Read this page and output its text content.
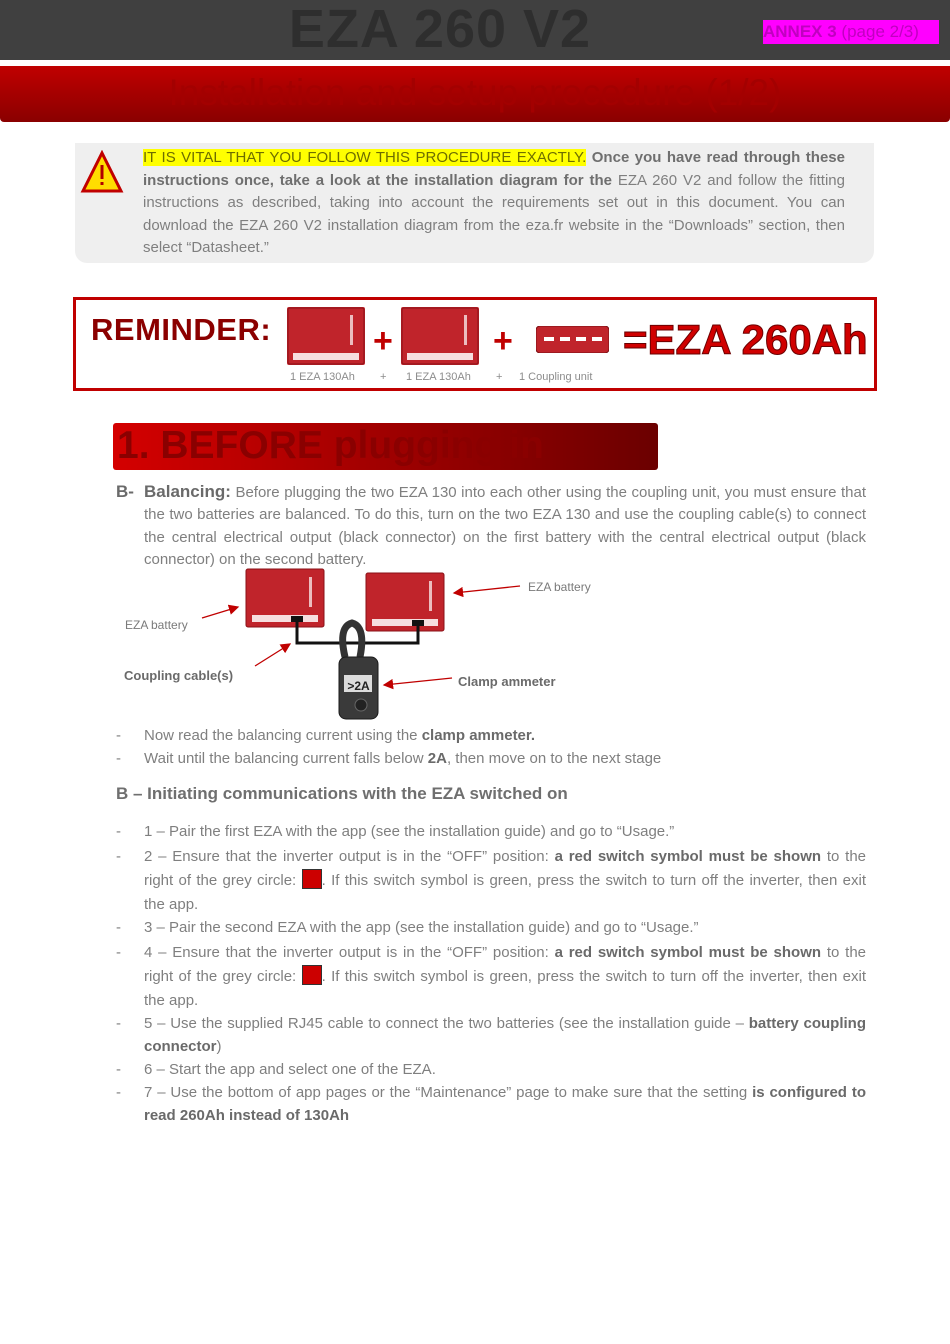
EZA 260 V2	ANNEX 3 (page 2/3)
Installation and setup procedure (1/2)
IT IS VITAL THAT YOU FOLLOW THIS PROCEDURE EXACTLY. Once you have read through these instructions once, take a look at the installation diagram for the EZA 260 V2 and follow the fitting instructions as described, taking into account the requirements set out in this document. You can download the EZA 260 V2 installation diagram from the eza.fr website in the “Downloads” section, then select “Datasheet.”
REMINDER:	+	+	=EZA 260Ah
1 EZA 130Ah + 1 EZA 130Ah + 1 Coupling unit
1. BEFORE plugging in
B- Balancing: Before plugging the two EZA 130 into each other using the coupling unit, you must ensure that the two batteries are balanced. To do this, turn on the two EZA 130 and use the coupling cable(s) to connect the central electrical output (black connector) on the first battery with the central electrical output (black connector) on the second battery.
>2A
EZA battery
EZA battery
Coupling cable(s)	Clamp ammeter
- Now read the balancing current using the clamp ammeter.
- Wait until the balancing current falls below 2A, then move on to the next stage
B – Initiating communications with the EZA switched on
- 1 – Pair the first EZA with the app (see the installation guide) and go to “Usage.”
- 2 – Ensure that the inverter output is in the “OFF” position: a red switch symbol must be shown to the right of the grey circle: . If this switch symbol is green, press the switch to turn off the inverter, then exit the app.
- 3 – Pair the second EZA with the app (see the installation guide) and go to “Usage.”
- 4 – Ensure that the inverter output is in the “OFF” position: a red switch symbol must be shown to the right of the grey circle: . If this switch symbol is green, press the switch to turn off the inverter, then exit the app.
- 5 – Use the supplied RJ45 cable to connect the two batteries (see the installation guide – battery coupling connector)
- 6 – Start the app and select one of the EZA.
- 7 – Use the bottom of app pages or the “Maintenance” page to make sure that the setting is configured to read 260Ah instead of 130Ah
